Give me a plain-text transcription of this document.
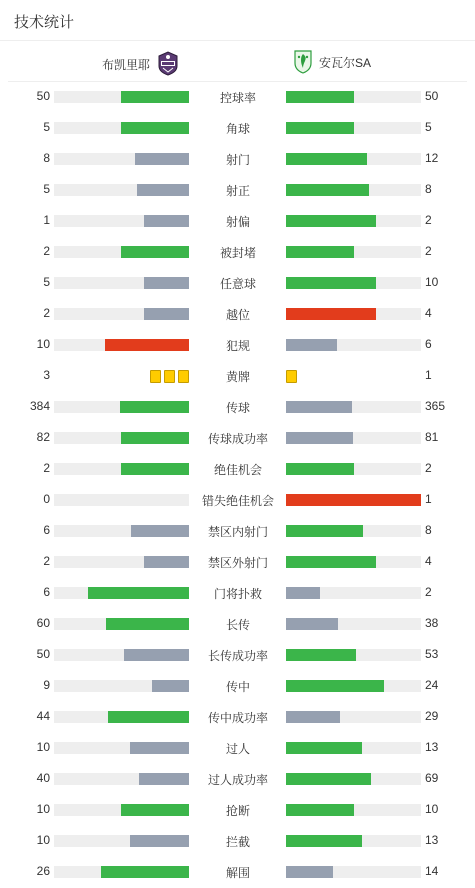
技术统计
布凯里耶	安瓦尔SA
50	控球率	50
5	角球	5
8	射门	12
5	射正	8
1	射偏	2
2	被封堵	2
5	任意球	10
2	越位	4
10	犯规	6
3	黄牌	1
384	传球	365
82	传球成功率	81
2	绝佳机会	2
0	错失绝佳机会	1
6	禁区内射门	8
2	禁区外射门	4
6	门将扑救	2
60	长传	38
50	长传成功率	53
9	传中	24
44	传中成功率	29
10	过人	13
40	过人成功率	69
10	抢断	10
10	拦截	13
26	解围	14
